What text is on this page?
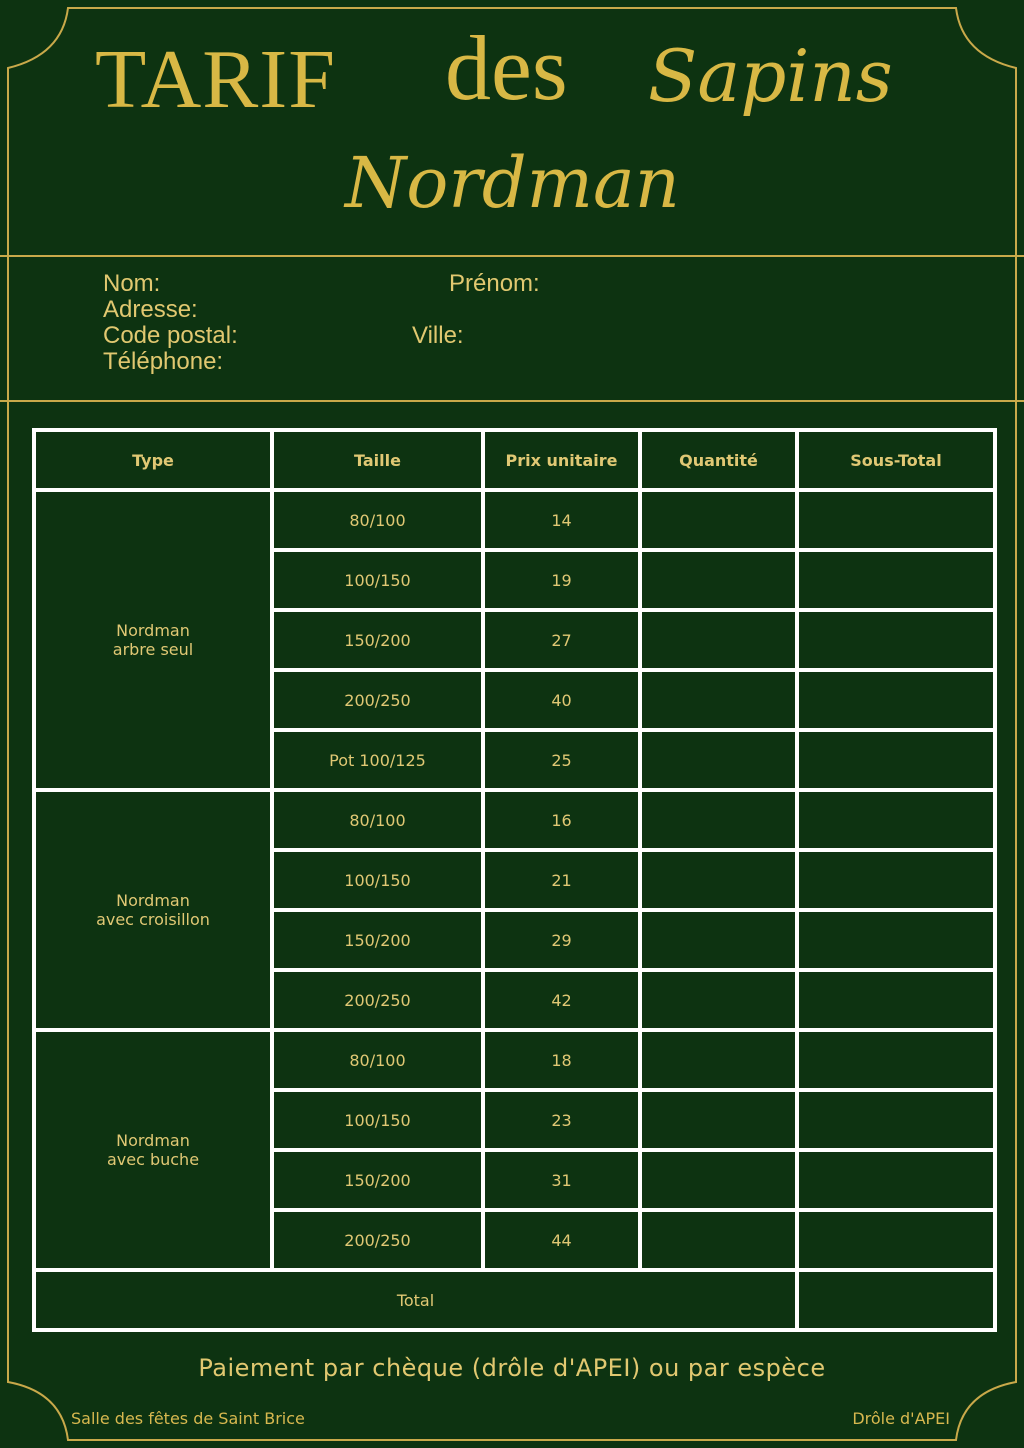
TARIF des Sapins
Nordman
Nom:	Prénom:
Adresse:
Code postal:	Ville:
Téléphone:
Type	Taille	Prix unitaire	Quantité	Sous-Total
Nordman
arbre seul	80/100	14		
	100/150	19		
	150/200	27		
	200/250	40		
	Pot 100/125	25		
Nordman
avec croisillon	80/100	16		
	100/150	21		
	150/200	29		
	200/250	42		
Nordman
avec buche	80/100	18		
	100/150	23		
	150/200	31		
	200/250	44		
Total				
Paiement par chèque (drôle d'APEI) ou par espèce
Salle des fêtes de Saint Brice	Drôle d'APEI
